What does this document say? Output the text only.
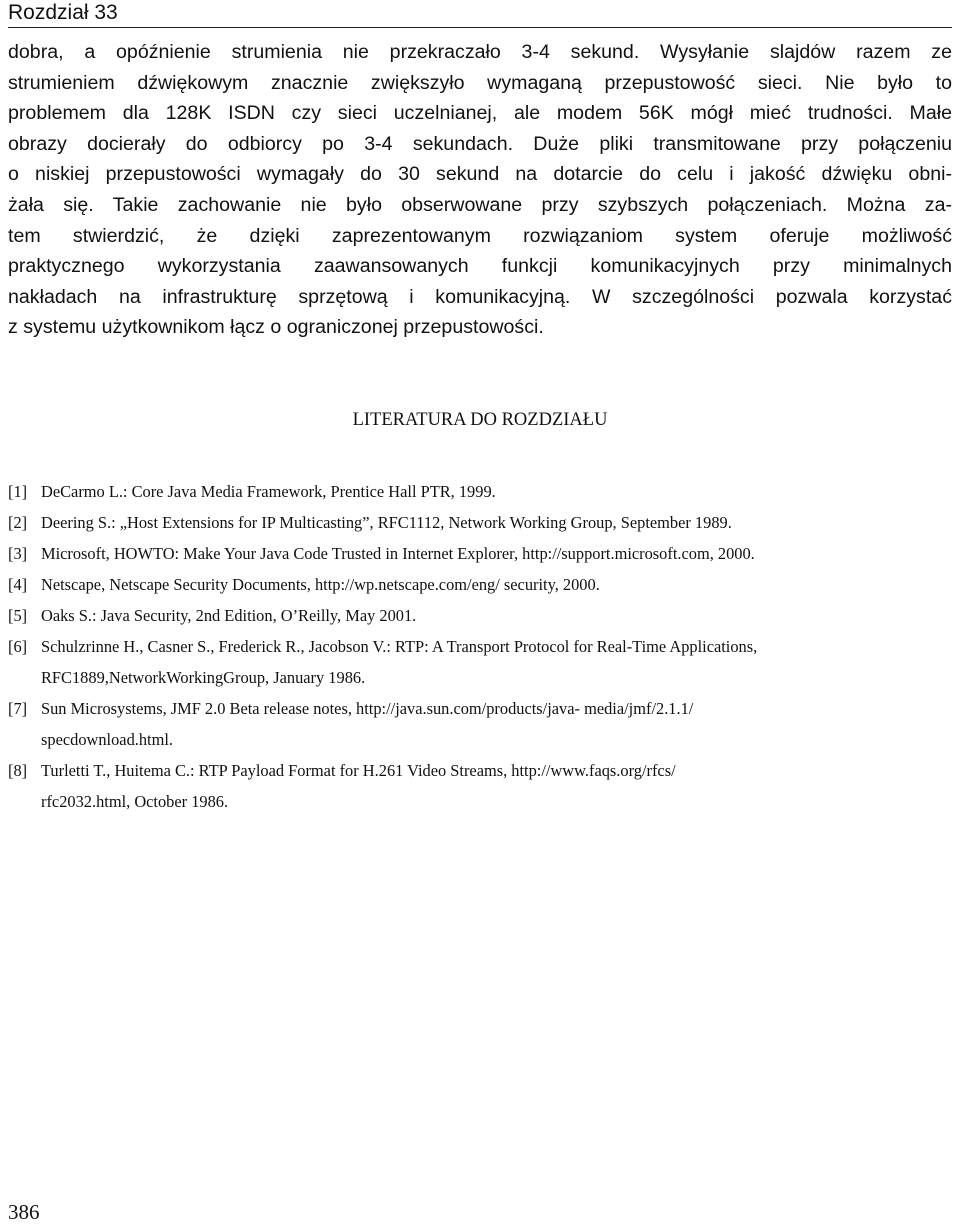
Rozdział 33

dobra, a opóźnienie strumienia nie przekraczało 3-4 sekund. Wysyłanie slajdów razem ze
strumieniem dźwiękowym znacznie zwiększyło wymaganą przepustowość sieci. Nie było to
problemem dla 128K ISDN czy sieci uczelnianej, ale modem 56K mógł mieć trudności. Małe
obrazy docierały do odbiorcy po 3-4 sekundach. Duże pliki transmitowane przy połączeniu
o niskiej przepustowości wymagały do 30 sekund na dotarcie do celu i jakość dźwięku obni-
żała się. Takie zachowanie nie było obserwowane przy szybszych połączeniach. Można za-
tem stwierdzić, że dzięki zaprezentowanym rozwiązaniom system oferuje możliwość
praktycznego wykorzystania zaawansowanych funkcji komunikacyjnych przy minimalnych
nakładach na infrastrukturę sprzętową i komunikacyjną. W szczególności pozwala korzystać
z systemu użytkownikom łącz o ograniczonej przepustowości.

LITERATURA DO ROZDZIAŁU
[1] DeCarmo L.: Core Java Media Framework, Prentice Hall PTR, 1999.
[2] Deering S.: „Host Extensions for IP Multicasting”, RFC1112, Network Working Group, September 1989.
[3] Microsoft, HOWTO: Make Your Java Code Trusted in Internet Explorer, http://support.microsoft.com, 2000.
[4] Netscape, Netscape Security Documents, http://wp.netscape.com/eng/ security, 2000.
[5] Oaks S.: Java Security, 2nd Edition, O’Reilly, May 2001.
[6] Schulzrinne H., Casner S., Frederick R., Jacobson V.: RTP: A Transport Protocol for Real-Time Applications,
RFC1889,NetworkWorkingGroup, January 1986.
[7] Sun Microsystems, JMF 2.0 Beta release notes, http://java.sun.com/products/java- media/jmf/2.1.1/
specdownload.html.
[8] Turletti T., Huitema C.: RTP Payload Format for H.261 Video Streams, http://www.faqs.org/rfcs/
rfc2032.html, October 1986.
386
